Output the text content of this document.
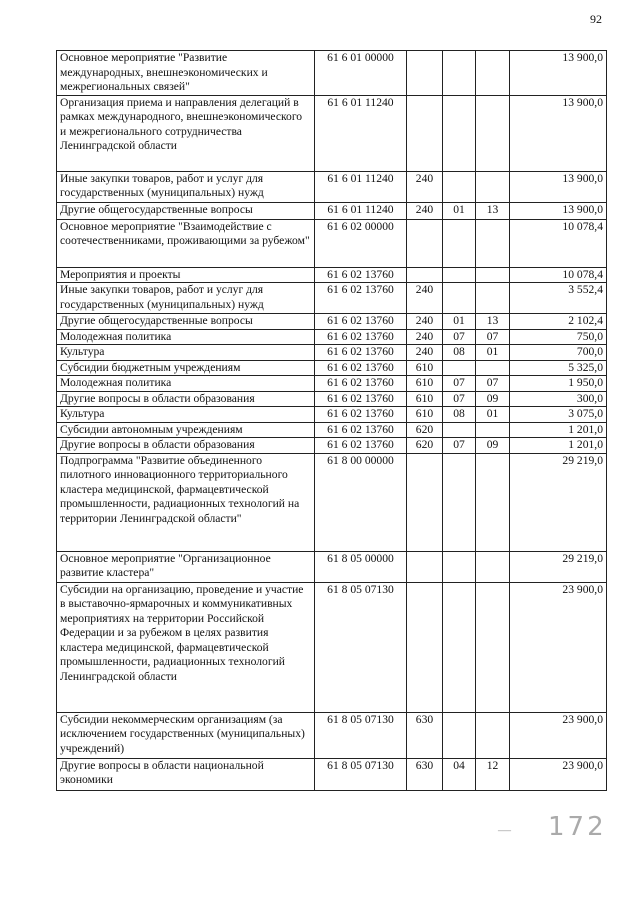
92
Основное мероприятие "Развитие международных, внешнеэкономических и межрегиональных связей"	61 6 01 00000				13 900,0
Организация приема и направления делегаций в рамках международного, внешнеэкономического и межрегионального сотрудничества Ленинградской области	61 6 01 11240				13 900,0
Иные закупки товаров, работ и услуг для государственных (муниципальных) нужд	61 6 01 11240	240			13 900,0
Другие общегосударственные вопросы	61 6 01 11240	240	01	13	13 900,0
Основное мероприятие "Взаимодействие с соотечественниками, проживающими за рубежом"	61 6 02 00000				10 078,4
Мероприятия и проекты	61 6 02 13760				10 078,4
Иные закупки товаров, работ и услуг для государственных (муниципальных) нужд	61 6 02 13760	240			3 552,4
Другие общегосударственные вопросы	61 6 02 13760	240	01	13	2 102,4
Молодежная политика	61 6 02 13760	240	07	07	750,0
Культура	61 6 02 13760	240	08	01	700,0
Субсидии бюджетным учреждениям	61 6 02 13760	610			5 325,0
Молодежная политика	61 6 02 13760	610	07	07	1 950,0
Другие вопросы в области образования	61 6 02 13760	610	07	09	300,0
Культура	61 6 02 13760	610	08	01	3 075,0
Субсидии автономным учреждениям	61 6 02 13760	620			1 201,0
Другие вопросы в области образования	61 6 02 13760	620	07	09	1 201,0
Подпрограмма "Развитие объединенного пилотного инновационного территориального кластера медицинской, фармацевтической промышленности, радиационных технологий на территории Ленинградской области"	61 8 00 00000				29 219,0
Основное мероприятие "Организационное развитие кластера"	61 8 05 00000				29 219,0
Субсидии на организацию, проведение и участие в выставочно-ярмарочных и коммуникативных мероприятиях на территории Российской Федерации и за рубежом в целях развития кластера медицинской, фармацевтической промышленности, радиационных технологий Ленинградской области	61 8 05 07130				23 900,0
Субсидии некоммерческим организациям (за исключением государственных (муниципальных) учреждений)	61 8 05 07130	630			23 900,0
Другие вопросы в области национальной экономики	61 8 05 07130	630	04	12	23 900,0
— 172
